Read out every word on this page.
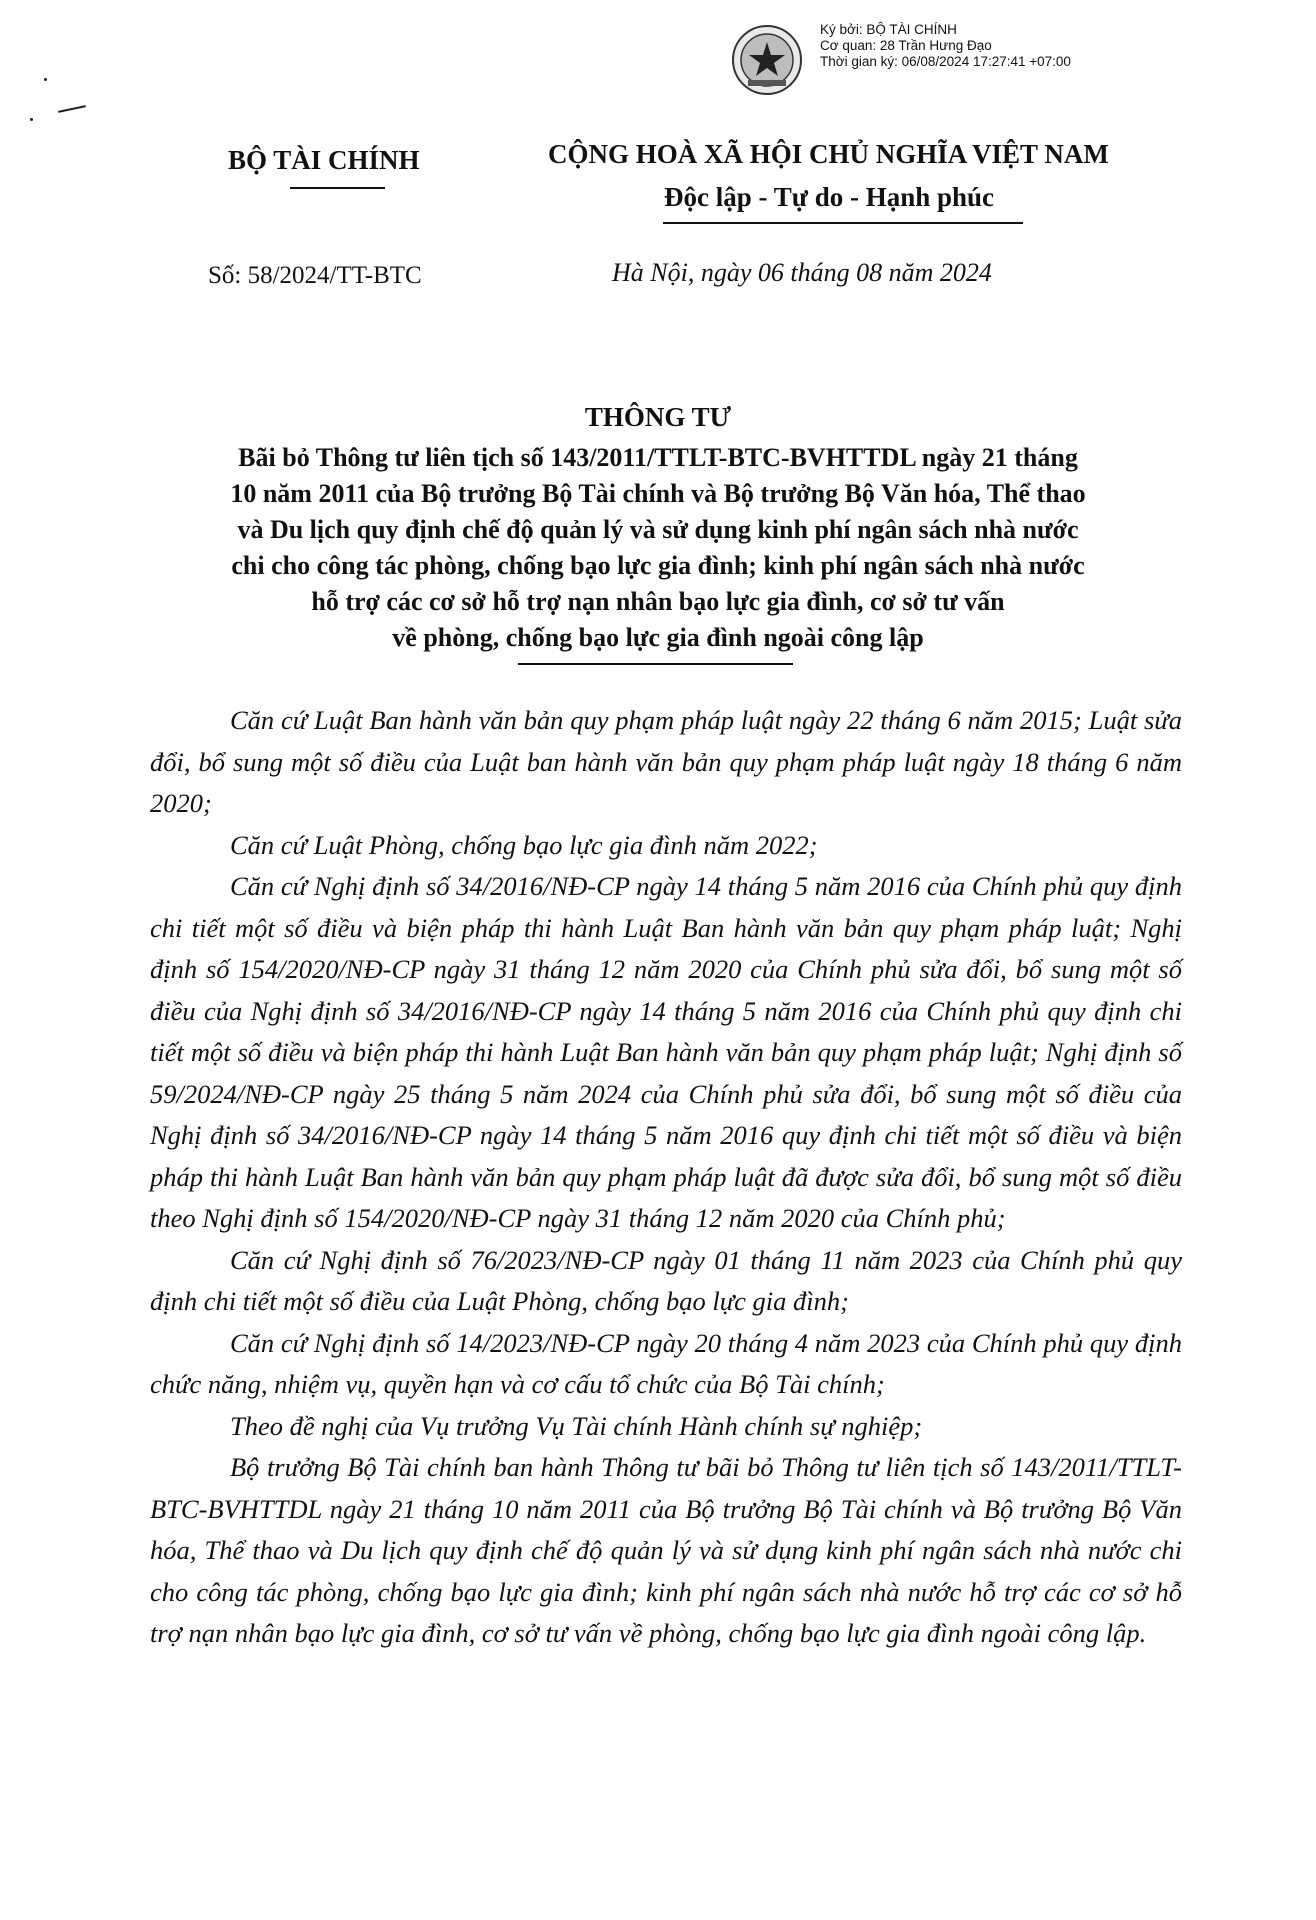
Ký bởi: BỘ TÀI CHÍNH
Cơ quan: 28 Trần Hưng Đạo
Thời gian ký: 06/08/2024 17:27:41 +07:00
BỘ TÀI CHÍNH	CỘNG HOÀ XÃ HỘI CHỦ NGHĨA VIỆT NAM
Độc lập - Tự do - Hạnh phúc
Số: 58/2024/TT-BTC	Hà Nội, ngày 06 tháng 08 năm 2024
THÔNG TƯ
Bãi bỏ Thông tư liên tịch số 143/2011/TTLT-BTC-BVHTTDL ngày 21 tháng
10 năm 2011 của Bộ trưởng Bộ Tài chính và Bộ trưởng Bộ Văn hóa, Thể thao
và Du lịch quy định chế độ quản lý và sử dụng kinh phí ngân sách nhà nước
chi cho công tác phòng, chống bạo lực gia đình; kinh phí ngân sách nhà nước
hỗ trợ các cơ sở hỗ trợ nạn nhân bạo lực gia đình, cơ sở tư vấn
về phòng, chống bạo lực gia đình ngoài công lập

Căn cứ Luật Ban hành văn bản quy phạm pháp luật ngày 22 tháng 6 năm 2015; Luật sửa đổi, bổ sung một số điều của Luật ban hành văn bản quy phạm pháp luật ngày 18 tháng 6 năm 2020;

Căn cứ Luật Phòng, chống bạo lực gia đình năm 2022;

Căn cứ Nghị định số 34/2016/NĐ-CP ngày 14 tháng 5 năm 2016 của Chính phủ quy định chi tiết một số điều và biện pháp thi hành Luật Ban hành văn bản quy phạm pháp luật; Nghị định số 154/2020/NĐ-CP ngày 31 tháng 12 năm 2020 của Chính phủ sửa đổi, bổ sung một số điều của Nghị định số 34/2016/NĐ-CP ngày 14 tháng 5 năm 2016 của Chính phủ quy định chi tiết một số điều và biện pháp thi hành Luật Ban hành văn bản quy phạm pháp luật; Nghị định số 59/2024/NĐ-CP ngày 25 tháng 5 năm 2024 của Chính phủ sửa đổi, bổ sung một số điều của Nghị định số 34/2016/NĐ-CP ngày 14 tháng 5 năm 2016 quy định chi tiết một số điều và biện pháp thi hành Luật Ban hành văn bản quy phạm pháp luật đã được sửa đổi, bổ sung một số điều theo Nghị định số 154/2020/NĐ-CP ngày 31 tháng 12 năm 2020 của Chính phủ;

Căn cứ Nghị định số 76/2023/NĐ-CP ngày 01 tháng 11 năm 2023 của Chính phủ quy định chi tiết một số điều của Luật Phòng, chống bạo lực gia đình;

Căn cứ Nghị định số 14/2023/NĐ-CP ngày 20 tháng 4 năm 2023 của Chính phủ quy định chức năng, nhiệm vụ, quyền hạn và cơ cấu tổ chức của Bộ Tài chính;

Theo đề nghị của Vụ trưởng Vụ Tài chính Hành chính sự nghiệp;

Bộ trưởng Bộ Tài chính ban hành Thông tư bãi bỏ Thông tư liên tịch số 143/2011/TTLT-BTC-BVHTTDL ngày 21 tháng 10 năm 2011 của Bộ trưởng Bộ Tài chính và Bộ trưởng Bộ Văn hóa, Thể thao và Du lịch quy định chế độ quản lý và sử dụng kinh phí ngân sách nhà nước chi cho công tác phòng, chống bạo lực gia đình; kinh phí ngân sách nhà nước hỗ trợ các cơ sở hỗ trợ nạn nhân bạo lực gia đình, cơ sở tư vấn về phòng, chống bạo lực gia đình ngoài công lập.
